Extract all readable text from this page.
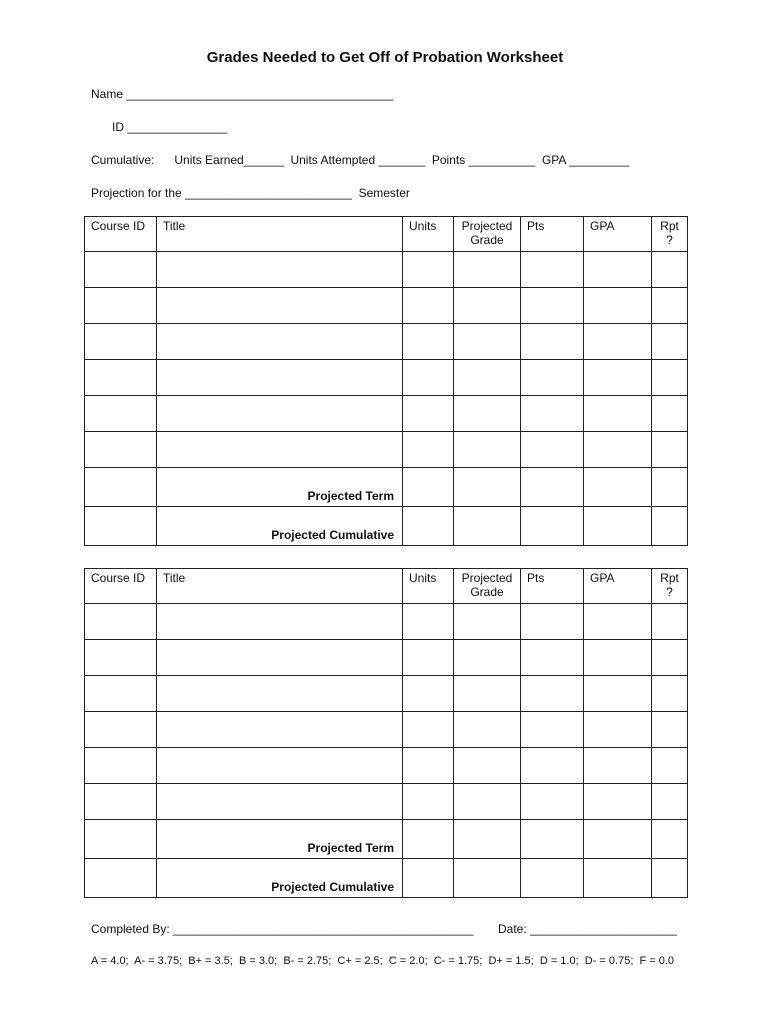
Grades Needed to Get Off of Probation Worksheet
Name ________________________________________
ID _______________
Cumulative:      Units Earned______  Units Attempted _______  Points __________  GPA _________
Projection for the _________________________  Semester
Course ID	Title	Units	Projected Grade	Pts	GPA	Rpt ?

	Projected Term					
	Projected Cumulative					
Course ID	Title	Units	Projected Grade	Pts	GPA	Rpt ?

	Projected Term					
	Projected Cumulative					
Completed By: _____________________________________________ Date: ______________________
A = 4.0;  A- = 3.75;  B+ = 3.5;  B = 3.0;  B- = 2.75;  C+ = 2.5;  C = 2.0;  C- = 1.75;  D+ = 1.5;  D = 1.0;  D- = 0.75;  F = 0.0
